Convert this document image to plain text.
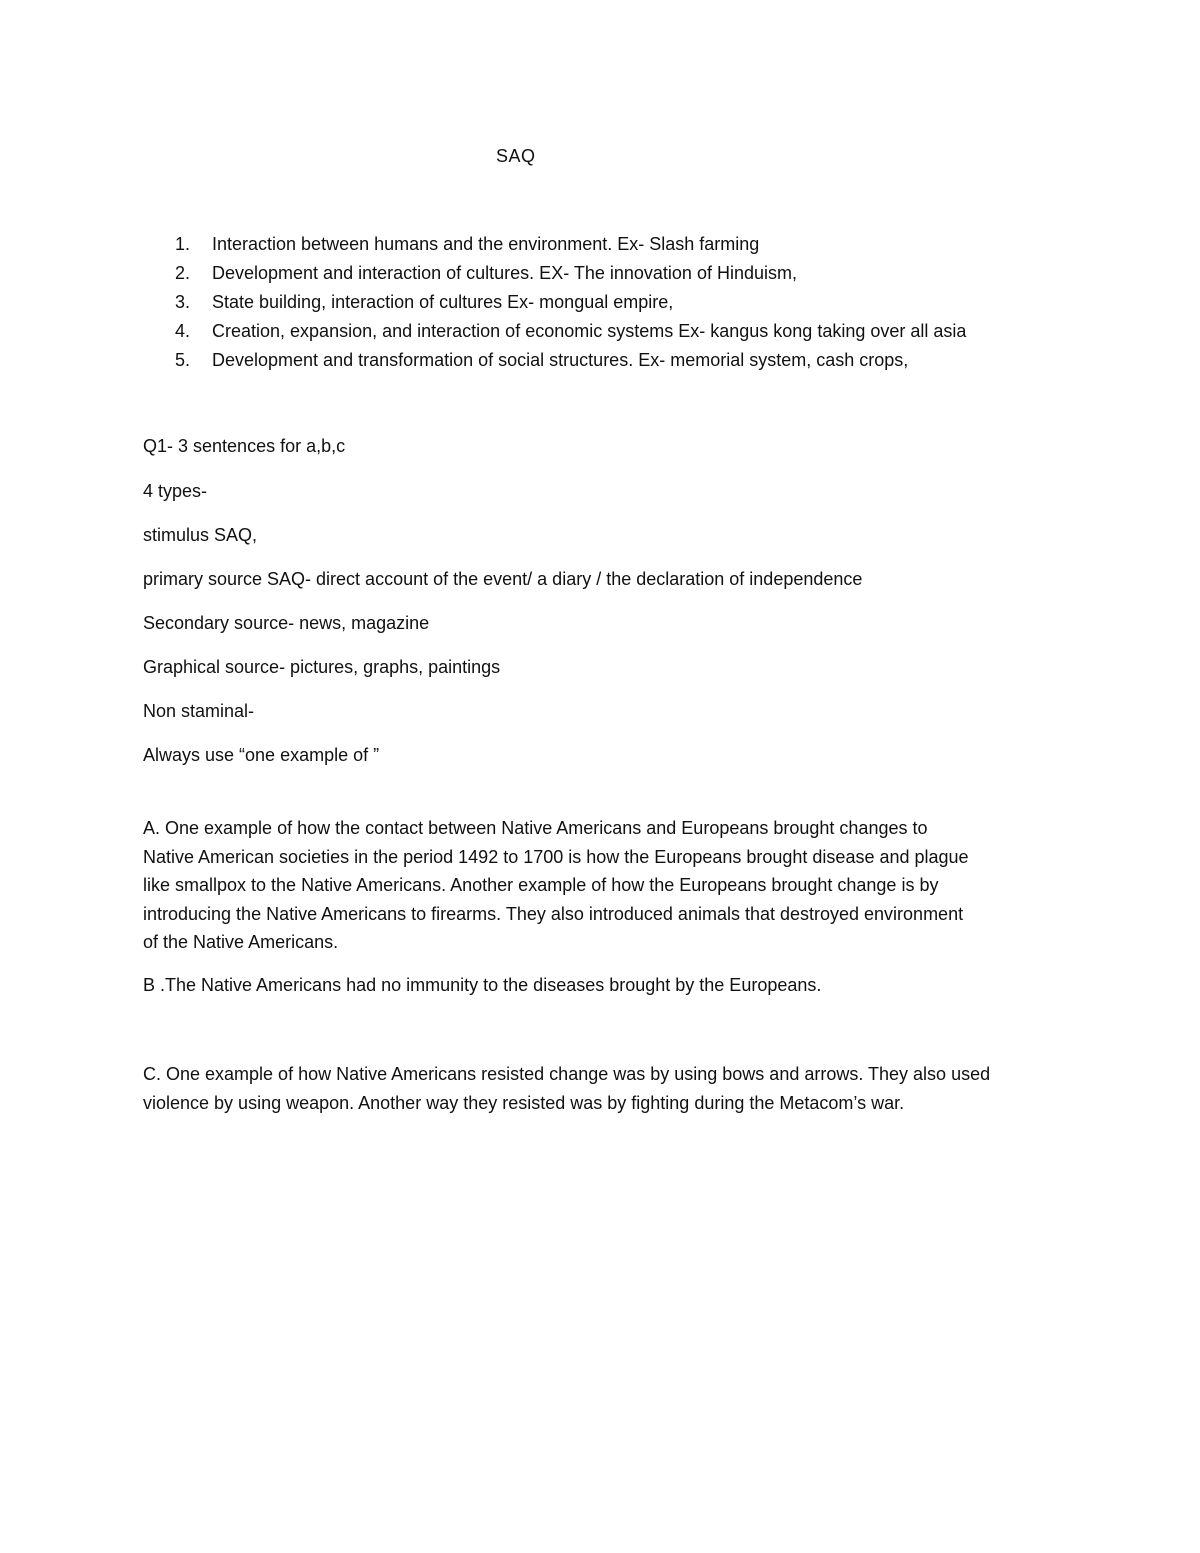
SAQ
1.	Interaction between humans and the environment. Ex- Slash farming
2.	Development and interaction of cultures. EX- The innovation of Hinduism,
3.	State building, interaction of cultures Ex- mongual empire,
4.	Creation, expansion, and interaction of economic systems Ex- kangus kong taking over all asia
5.	Development and transformation of social structures. Ex- memorial system, cash crops,
Q1- 3 sentences for a,b,c
4 types-
stimulus SAQ,
primary source SAQ- direct account of the event/ a diary / the declaration of independence
Secondary source- news, magazine
Graphical source- pictures, graphs, paintings
Non staminal-
Always use “one example of ”

A. One example of how the contact between Native Americans and Europeans brought changes to

Native American societies in the period 1492 to 1700 is how the Europeans brought disease and plague

like smallpox to the Native Americans. Another example of how the Europeans brought change is by

introducing the Native Americans to firearms. They also introduced animals that destroyed environment

of the Native Americans.

B .The Native Americans had no immunity to the diseases brought by the Europeans.

C. One example of how Native Americans resisted change was by using bows and arrows. They also used

violence by using weapon. Another way they resisted was by fighting during the Metacom’s war.
